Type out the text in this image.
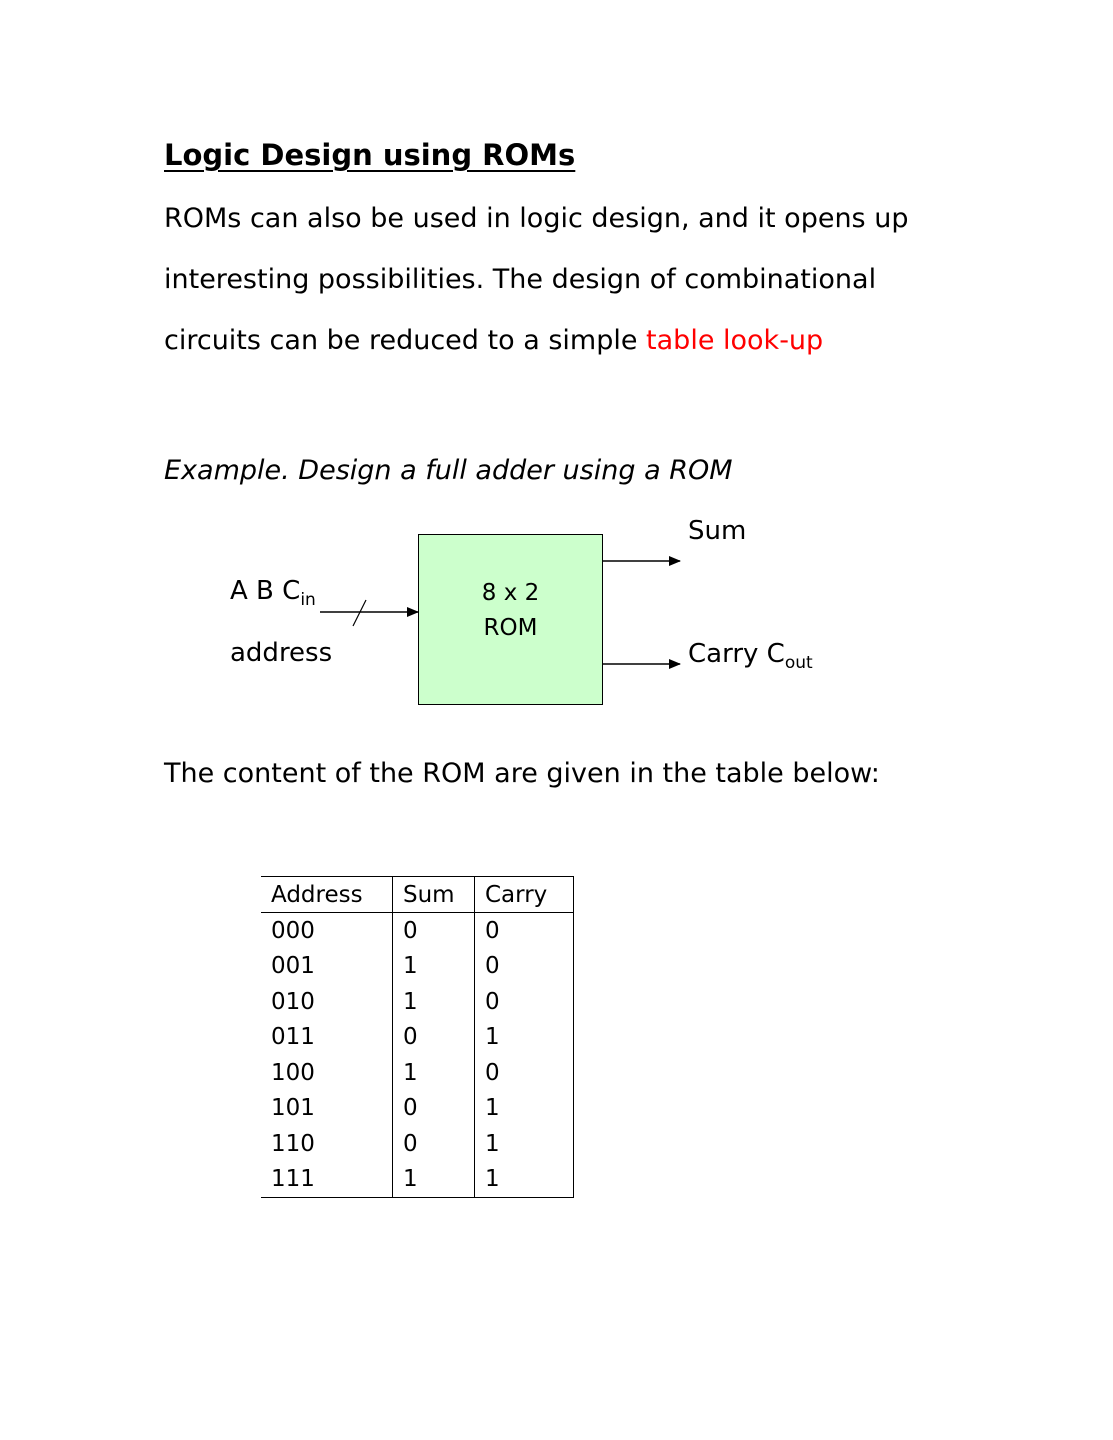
Logic Design using ROMs

ROMs can also be used in logic design, and it opens up

interesting possibilities. The design of combinational

circuits can be reduced to a simple table look-up

Example. Design a full adder using a ROM

A B $C_{in}$
address
8 x 2
ROM
Sum
Carry $C_{out}$

The content of the ROM are given in the table below:

Address	Sum	Carry
000	0	0
001	1	0
010	1	0
011	0	1
100	1	0
101	0	1
110	0	1
111	1	1
